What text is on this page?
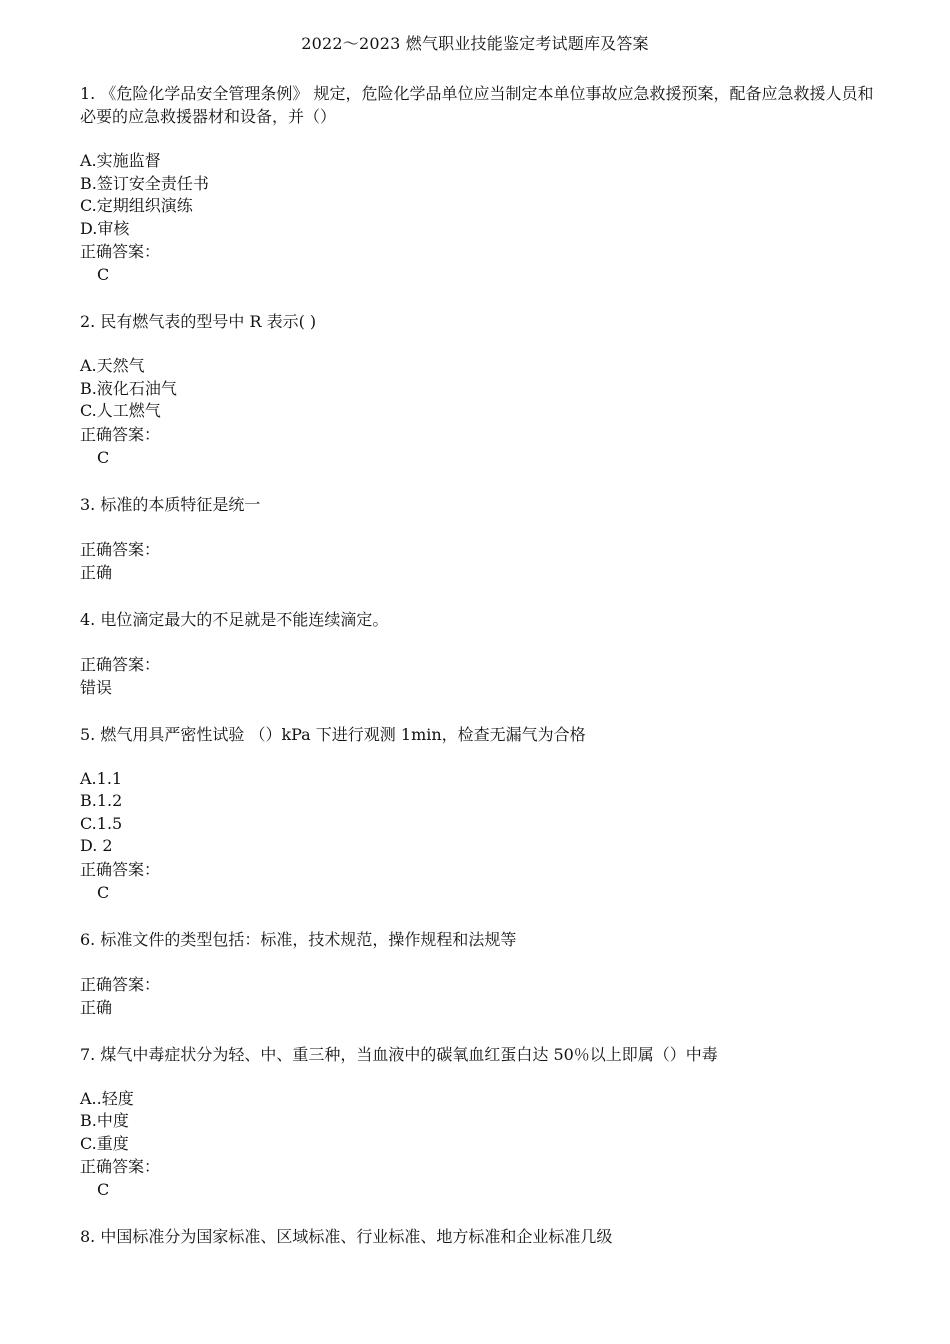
2022～2023 燃气职业技能鉴定考试题库及答案

1. 《危险化学品安全管理条例》 规定，危险化学品单位应当制定本单位事故应急救援预案，配备应急救援人员和必要的应急救援器材和设备，并（）

A.实施监督
B.签订安全责任书
C.定期组织演练
D.审核

正确答案：

C

2. 民有燃气表的型号中 R 表示( )

A.天然气
B.液化石油气
C.人工燃气

正确答案：

C

3. 标准的本质特征是统一

正确答案：

正确

4. 电位滴定最大的不足就是不能连续滴定。

正确答案：

错误

5. 燃气用具严密性试验 （）kPa 下进行观测 1min，检查无漏气为合格

A.1.1
B.1.2
C.1.5
D. 2

正确答案：

C

6. 标准文件的类型包括：标准，技术规范，操作规程和法规等

正确答案：

正确

7. 煤气中毒症状分为轻、中、重三种，当血液中的碳氧血红蛋白达 50％以上即属（）中毒

A..轻度
B.中度
C.重度

正确答案：

C

8. 中国标准分为国家标准、区域标准、行业标准、地方标准和企业标准几级
